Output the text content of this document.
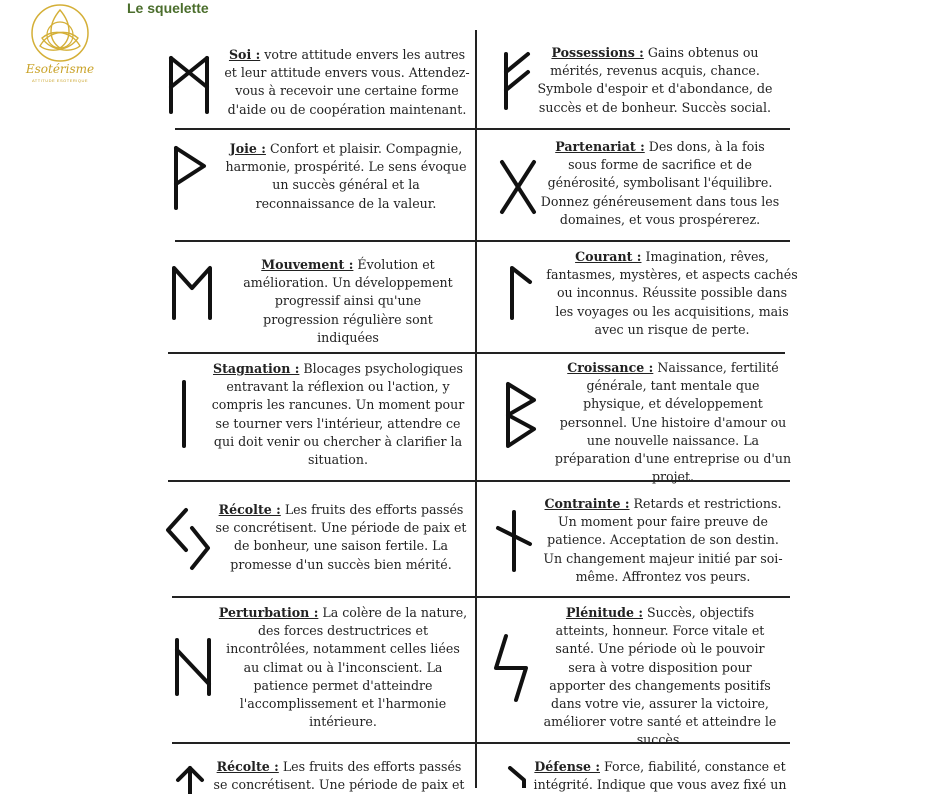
Esotérisme
ATTITUDE ESOTERIQUE
Le squelette
Soi : votre attitude envers les autres et leur attitude envers vous. Attendez-vous à recevoir une certaine forme d'aide ou de coopération maintenant.
Possessions : Gains obtenus ou mérités, revenus acquis, chance. Symbole d'espoir et d'abondance, de succès et de bonheur. Succès social.
Joie : Confort et plaisir. Compagnie, harmonie, prospérité. Le sens évoque un succès général et la reconnaissance de la valeur.
Partenariat : Des dons, à la fois sous forme de sacrifice et de générosité, symbolisant l'équilibre. Donnez généreusement dans tous les domaines, et vous prospérerez.
Mouvement : Évolution et amélioration. Un développement progressif ainsi qu'une progression régulière sont indiquées
Courant : Imagination, rêves, fantasmes, mystères, et aspects cachés ou inconnus. Réussite possible dans les voyages ou les acquisitions, mais avec un risque de perte.
Stagnation : Blocages psychologiques entravant la réflexion ou l'action, y compris les rancunes. Un moment pour se tourner vers l'intérieur, attendre ce qui doit venir ou chercher à clarifier la situation.
Croissance : Naissance, fertilité générale, tant mentale que physique, et développement personnel. Une histoire d'amour ou une nouvelle naissance. La préparation d'une entreprise ou d'un projet.
Récolte : Les fruits des efforts passés se concrétisent. Une période de paix et de bonheur, une saison fertile. La promesse d'un succès bien mérité.
Contrainte : Retards et restrictions. Un moment pour faire preuve de patience. Acceptation de son destin. Un changement majeur initié par soi-même. Affrontez vos peurs.
Perturbation : La colère de la nature, des forces destructrices et incontrôlées, notamment celles liées au climat ou à l'inconscient. La patience permet d'atteindre l'accomplissement et l'harmonie intérieure.
Plénitude : Succès, objectifs atteints, honneur. Force vitale et santé. Une période où le pouvoir sera à votre disposition pour apporter des changements positifs dans votre vie, assurer la victoire, améliorer votre santé et atteindre le succès.
Récolte : Les fruits des efforts passés se concrétisent. Une période de paix et
Défense : Force, fiabilité, constance et intégrité. Indique que vous avez fixé un
